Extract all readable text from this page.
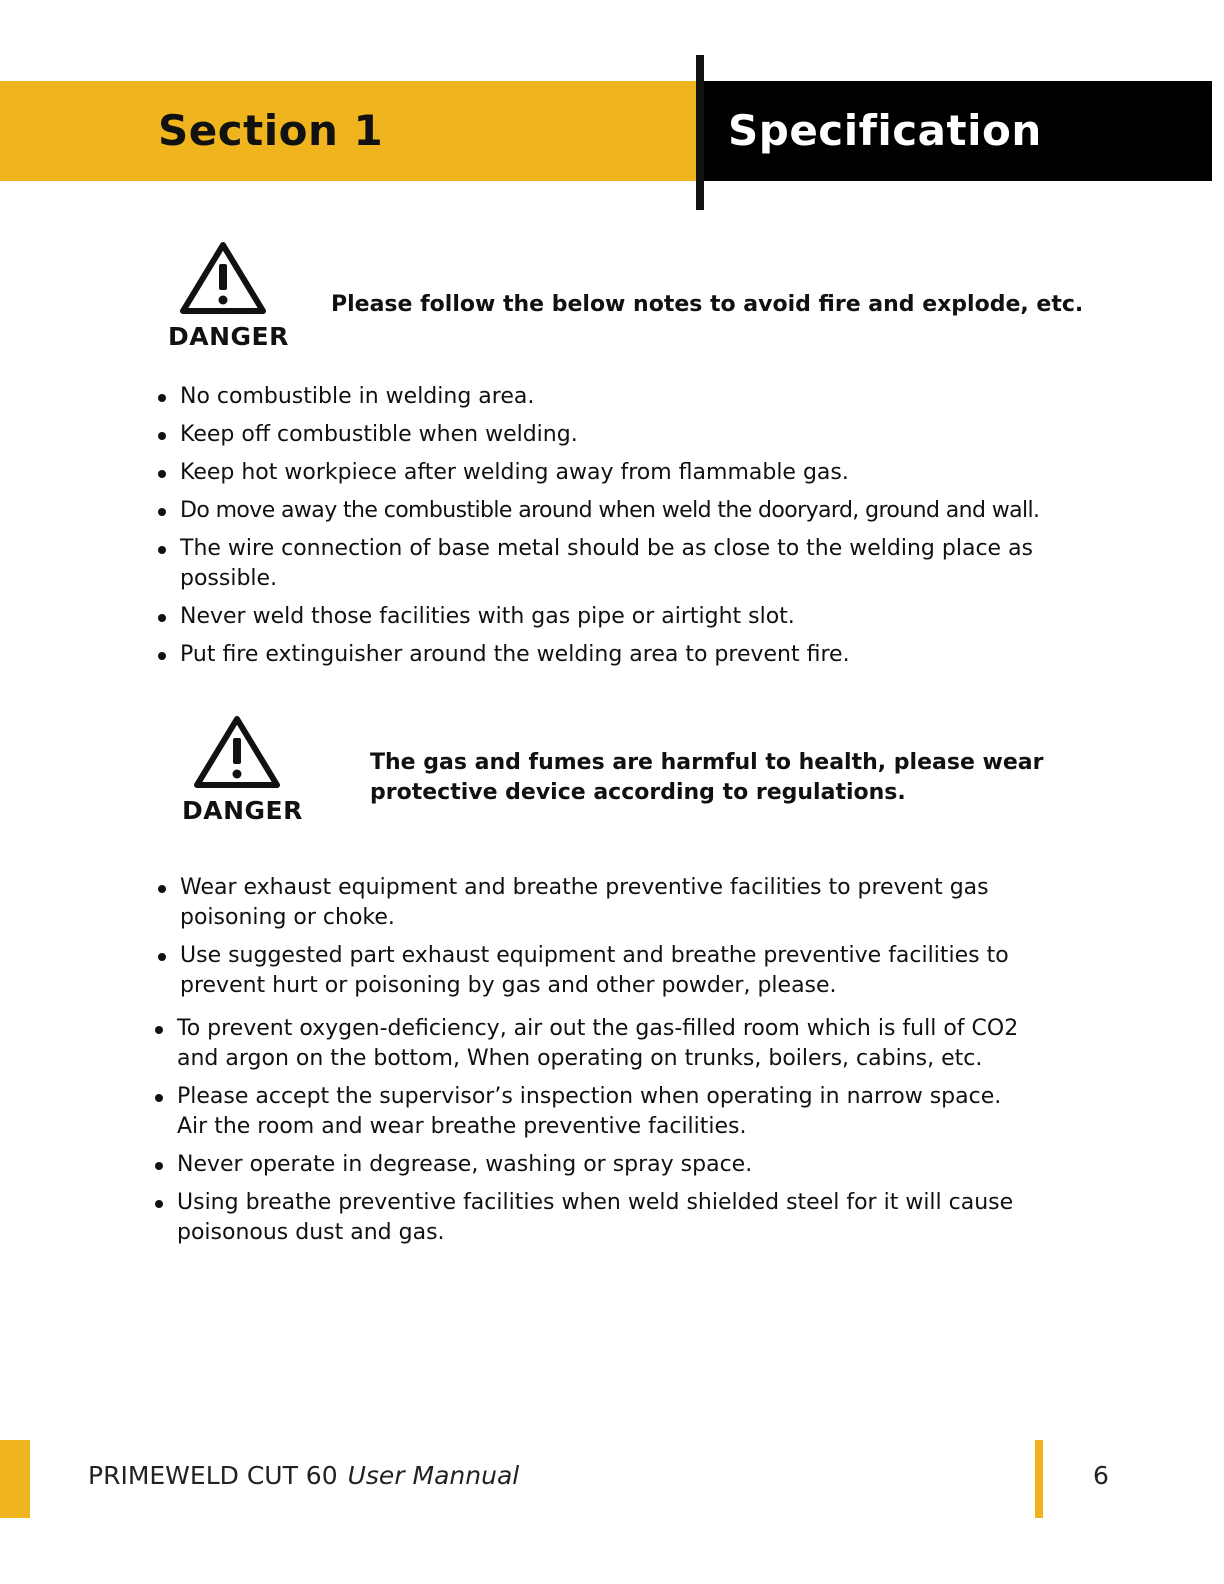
Section 1	Specification
DANGER
Please follow the below notes to avoid fire and explode, etc.
No combustible in welding area.
Keep off combustible when welding.
Keep hot workpiece after welding away from flammable gas.
Do move away the combustible around when weld the dooryard, ground and wall.
The wire connection of base metal should be as close to the welding place as possible.
Never weld those facilities with gas pipe or airtight slot.
Put fire extinguisher around the welding area to prevent fire.
DANGER
The gas and fumes are harmful to health, please wear protective device according to regulations.
Wear exhaust equipment and breathe preventive facilities to prevent gas poisoning or choke.
Use suggested part exhaust equipment and breathe preventive facilities to prevent hurt or poisoning by gas and other powder, please.
To prevent oxygen-deficiency, air out the gas-filled room which is full of CO2 and argon on the bottom, When operating on trunks, boilers, cabins, etc.
Please accept the supervisor’s inspection when operating in narrow space. Air the room and wear breathe preventive facilities.
Never operate in degrease, washing or spray space.
Using breathe preventive facilities when weld shielded steel for it will cause poisonous dust and gas.
PRIMEWELD CUT 60 User Mannual	6
